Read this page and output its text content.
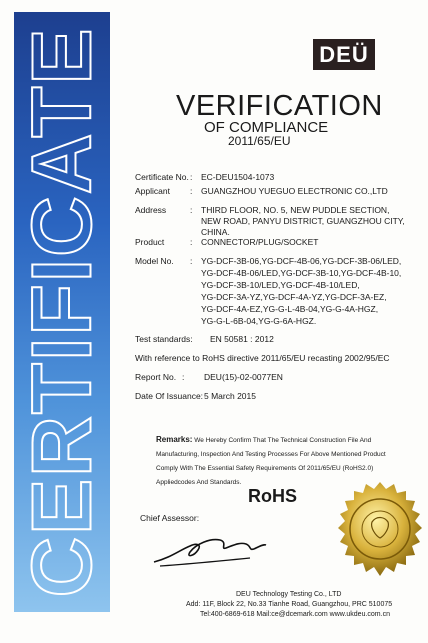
CERTIFICATE	DEÜ
VERIFICATION
OF COMPLIANCE
2011/65/EU
Certificate No. : EC-DEU1504-1073
Applicant : GUANGZHOU YUEGUO ELECTRONIC CO.,LTD
Address	: THIRD FLOOR, NO. 5, NEW PUDDLE SECTION,
NEW ROAD, PANYU DISTRICT, GUANGZHOU CITY, CHINA.
Product	: CONNECTOR/PLUG/SOCKET
Model No. : YG-DCF-3B-06,YG-DCF-4B-06,YG-DCF-3B-06/LED,
YG-DCF-4B-06/LED,YG-DCF-3B-10,YG-DCF-4B-10,
YG-DCF-3B-10/LED,YG-DCF-4B-10/LED,
YG-DCF-3A-YZ,YG-DCF-4A-YZ,YG-DCF-3A-EZ,
YG-DCF-4A-EZ,YG-G-L-4B-04,YG-G-4A-HGZ,
YG-G-L-6B-04,YG-G-6A-HGZ.
Test standards: EN 50581 : 2012
With reference to RoHS directive 2011/65/EU recasting 2002/95/EC
Report No. : DEU(15)-02-0077EN
Date Of Issuance: 5 March 2015
Remarks: We Hereby Confirm That The Technical Construction File And
Manufacturing, Inspection And Testing Processes For Above Mentioned Product
Comply With The Essential Safety Requirements Of 2011/65/EU (RoHS2.0)
Appliedcodes And Standards.
RoHS
Chief Assessor:
DEU Technology Testing Co., LTD
Add: 11F, Block 22, No.33 Tianhe Road, Guangzhou, PRC 510075
Tel:400-6869-618 Mail:ce@dcemark.com www.ukdeu.com.cn
